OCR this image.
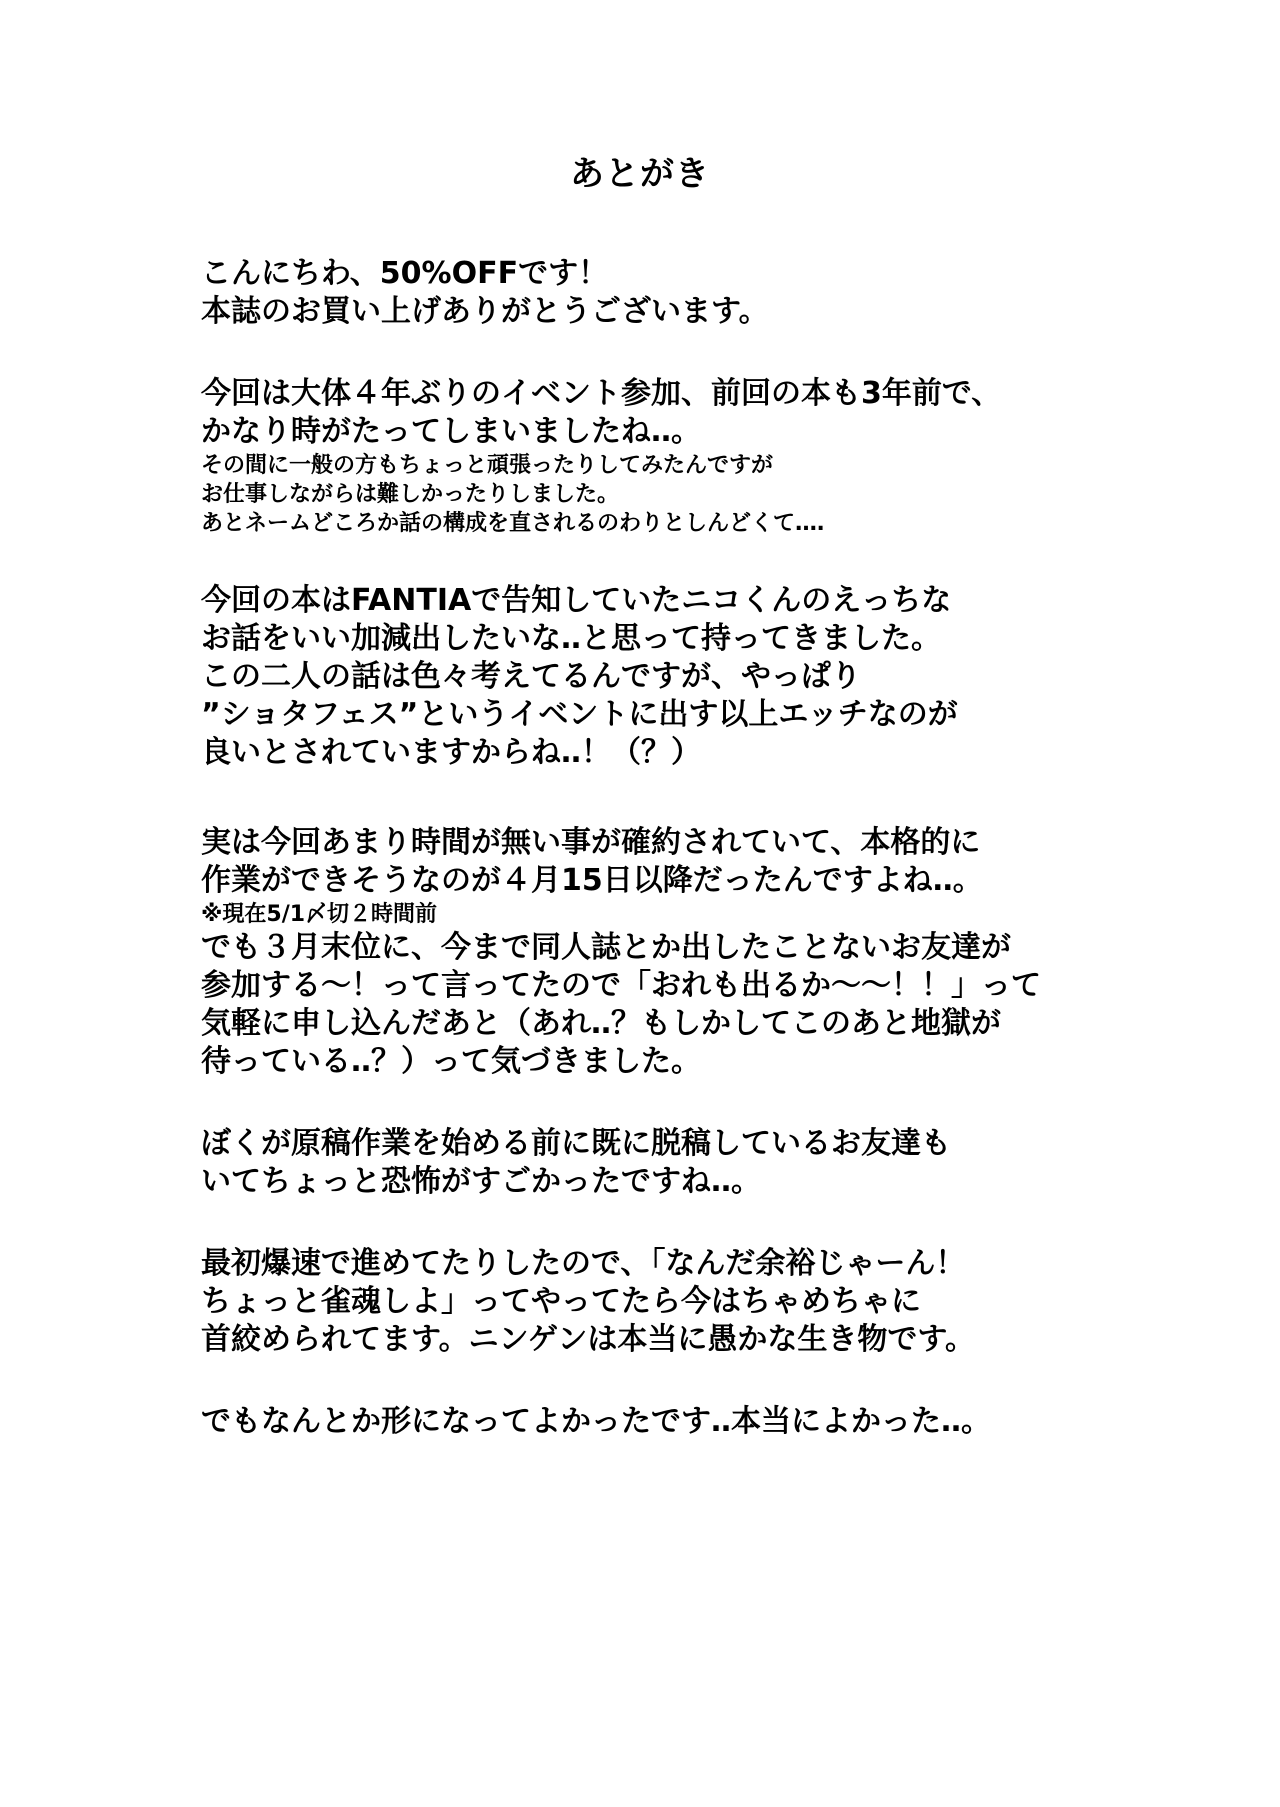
あとがき
こんにちわ、50%OFFです！
本誌のお買い上げありがとうございます。
今回は大体４年ぶりのイベント参加、前回の本も3年前で、
かなり時がたってしまいましたね‥。
その間に一般の方もちょっと頑張ったりしてみたんですが
お仕事しながらは難しかったりしました。
あとネームどころか話の構成を直されるのわりとしんどくて‥‥
今回の本はFANTIAで告知していたニコくんのえっちな
お話をいい加減出したいな‥と思って持ってきました。
この二人の話は色々考えてるんですが、やっぱり
”ショタフェス”というイベントに出す以上エッチなのが
良いとされていますからね‥！（？）
実は今回あまり時間が無い事が確約されていて、本格的に
作業ができそうなのが４月15日以降だったんですよね‥。
※現在5/1〆切２時間前
でも３月末位に、今まで同人誌とか出したことないお友達が
参加する～！って言ってたので「おれも出るか～～！！」って
気軽に申し込んだあと（あれ‥？もしかしてこのあと地獄が
待っている‥？）って気づきました。
ぼくが原稿作業を始める前に既に脱稿しているお友達も
いてちょっと恐怖がすごかったですね‥。
最初爆速で進めてたりしたので、「なんだ余裕じゃーん！
ちょっと雀魂しよ」ってやってたら今はちゃめちゃに
首絞められてます。ニンゲンは本当に愚かな生き物です。
でもなんとか形になってよかったです‥本当によかった‥。
